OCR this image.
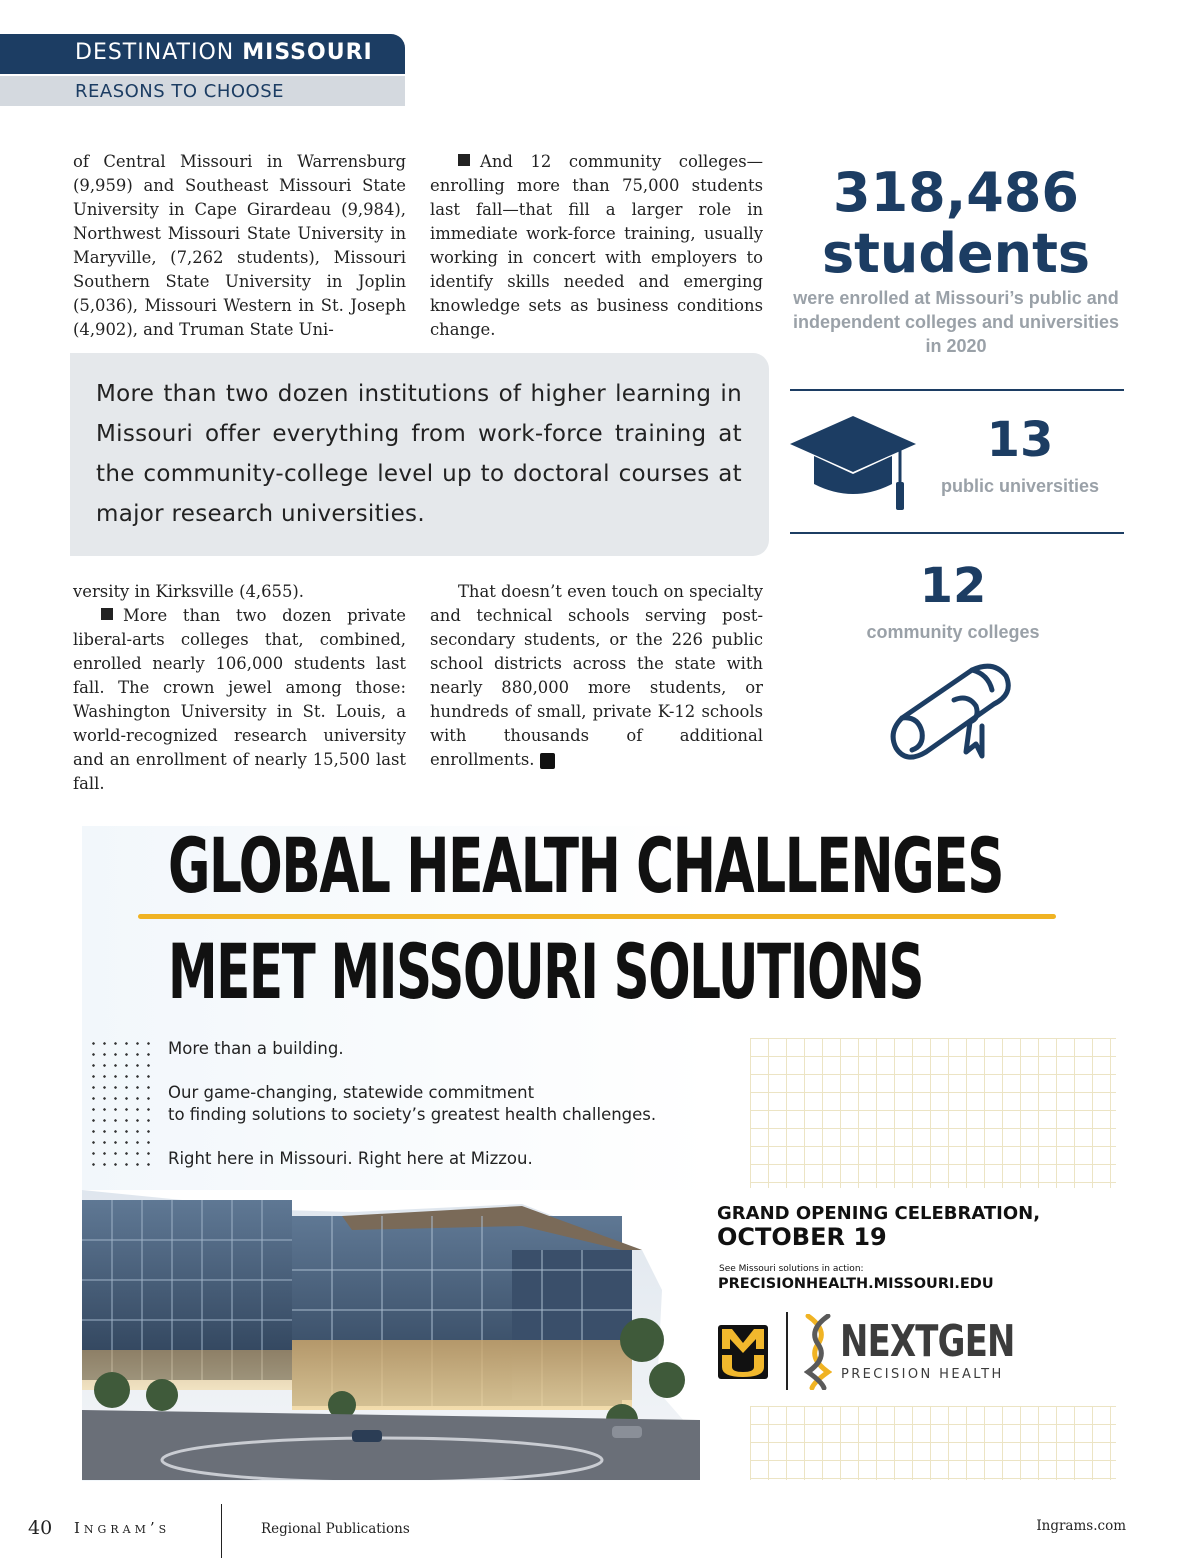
DESTINATION MISSOURI
REASONS TO CHOOSE

of Central Missouri in Warrensburg (9,959) and Southeast Missouri State University in Cape Girardeau (9,984), Northwest Missouri State University in Maryville, (7,262 students), Missouri Southern State University in Joplin (5,036), Missouri Western in St. Joseph (4,902), and Truman State Uni-

And 12 community colleges—enrolling more than 75,000 students last fall—that fill a larger role in immediate work-force training, usually working in concert with employers to identify skills needed and emerging knowledge sets as business conditions change.

More than two dozen institutions of higher learning in Missouri offer everything from work-force training at the community-college level up to doctoral courses at major research universities.

versity in Kirksville (4,655).

More than two dozen private liberal-arts colleges that, combined, enrolled nearly 106,000 students last fall. The crown jewel among those: Washington University in St. Louis, a world-recognized research university and an enrollment of nearly 15,500 last fall.

That doesn’t even touch on specialty and technical schools serving post-secondary students, or the 226 public school districts across the state with nearly 880,000 more students, or hundreds of small, private K-12 schools with thousands of additional enrollments.	I

318,486
students
were enrolled at Missouri’s public and independent colleges and universities in 2020
13
public universities
12
community colleges
GLOBAL HEALTH CHALLENGES
MEET MISSOURI SOLUTIONS
More than a building.
Our game-changing, statewide commitment
to finding solutions to society’s greatest health challenges.
Right here in Missouri. Right here at Mizzou.
GRAND OPENING CELEBRATION,
OCTOBER 19
See Missouri solutions in action:
PRECISIONHEALTH.MISSOURI.EDU
NEXTGEN
PRECISION HEALTH
40 Ingram’s	Regional Publications	Ingrams.com
